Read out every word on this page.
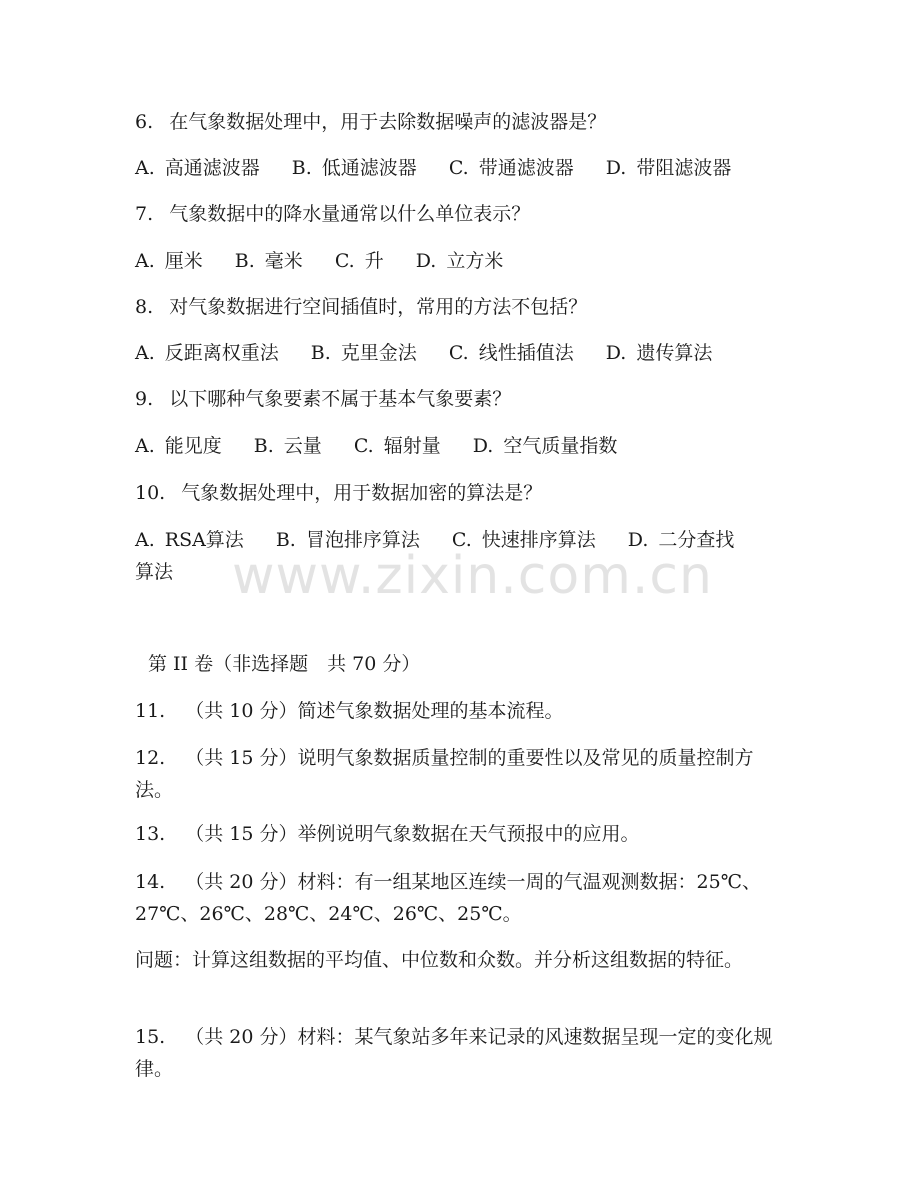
www.zixin.com.cn
6. 在气象数据处理中，用于去除数据噪声的滤波器是？
A. 高通滤波器 B. 低通滤波器 C. 带通滤波器 D. 带阻滤波器
7. 气象数据中的降水量通常以什么单位表示？
A. 厘米 B. 毫米 C. 升 D. 立方米
8. 对气象数据进行空间插值时，常用的方法不包括？
A. 反距离权重法 B. 克里金法 C. 线性插值法 D. 遗传算法
9. 以下哪种气象要素不属于基本气象要素？
A. 能见度 B. 云量 C. 辐射量 D. 空气质量指数
10. 气象数据处理中，用于数据加密的算法是？
A. RSA算法 B. 冒泡排序算法 C. 快速排序算法 D. 二分查找
算法
第 II 卷（非选择题　共 70 分）
11. （共 10 分）简述气象数据处理的基本流程。
12. （共 15 分）说明气象数据质量控制的重要性以及常见的质量控制方法。
13. （共 15 分）举例说明气象数据在天气预报中的应用。
14. （共 20 分）材料：有一组某地区连续一周的气温观测数据：25℃、27℃、26℃、28℃、24℃、26℃、25℃。
问题：计算这组数据的平均值、中位数和众数。并分析这组数据的特征。
15. （共 20 分）材料：某气象站多年来记录的风速数据呈现一定的变化规律。
